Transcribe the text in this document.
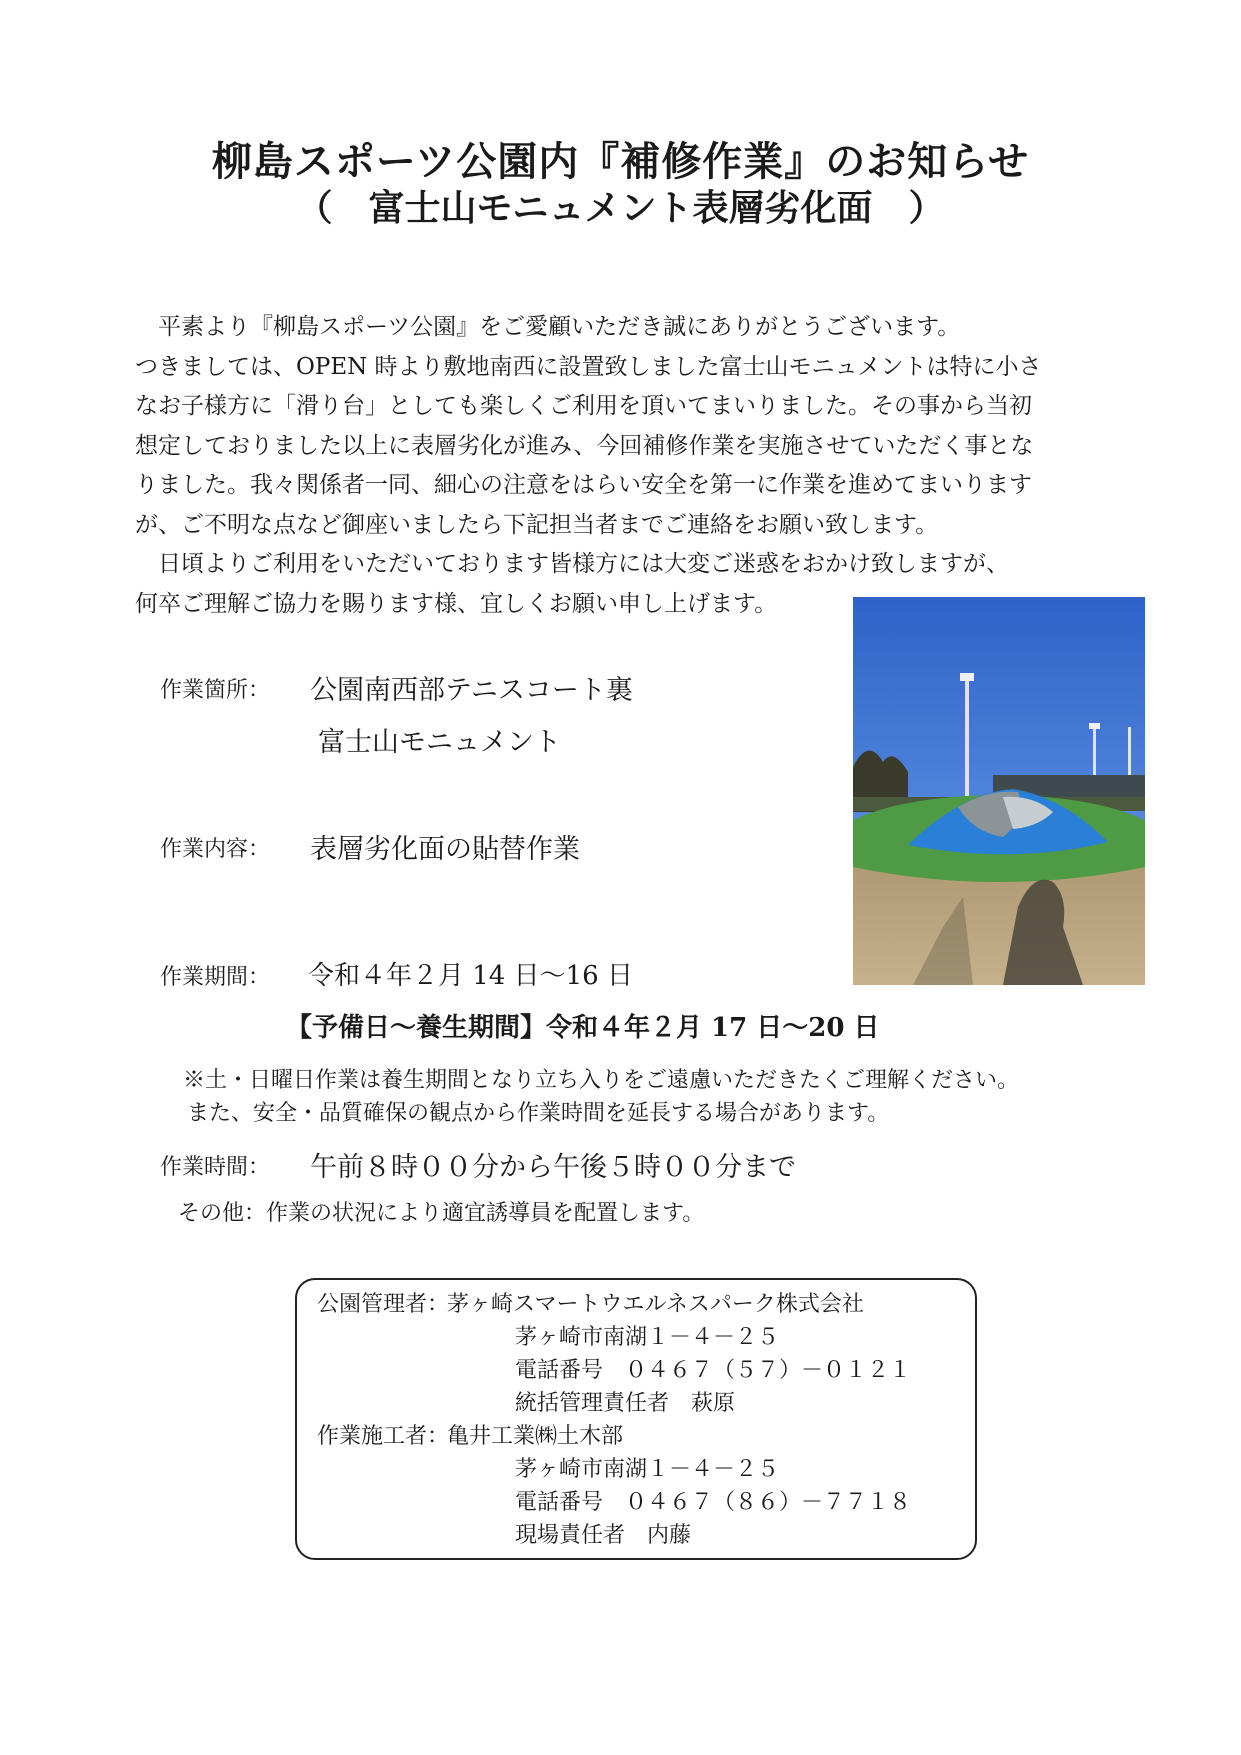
柳島スポーツ公園内『補修作業』のお知らせ
（　富士山モニュメント表層劣化面　）

　平素より『柳島スポーツ公園』をご愛顧いただき誠にありがとうございます。

つきましては、OPEN 時より敷地南西に設置致しました富士山モニュメントは特に小さ

なお子様方に「滑り台」としても楽しくご利用を頂いてまいりました。その事から当初

想定しておりました以上に表層劣化が進み、今回補修作業を実施させていただく事とな

りました。我々関係者一同、細心の注意をはらい安全を第一に作業を進めてまいります

が、ご不明な点など御座いましたら下記担当者までご連絡をお願い致します。

　日頃よりご利用をいただいております皆様方には大変ご迷惑をおかけ致しますが、

何卒ご理解ご協力を賜ります様、宜しくお願い申し上げます。

作業箇所： 公園南西部テニスコート裏
富士山モニュメント
作業内容： 表層劣化面の貼替作業
作業期間： 令和４年２月 14 日～16 日
【予備日～養生期間】令和４年２月 17 日～20 日
※土・日曜日作業は養生期間となり立ち入りをご遠慮いただきたくご理解ください。
また、安全・品質確保の観点から作業時間を延長する場合があります。
作業時間： 午前８時００分から午後５時００分まで
その他：作業の状況により適宜誘導員を配置します。
公園管理者：
茅ヶ崎スマートウエルネスパーク株式会社
茅ヶ崎市南湖１－４－２５
電話番号　０４６７（５７）－０１２１
統括管理責任者　萩原
作業施工者：
亀井工業㈱土木部
茅ヶ崎市南湖１－４－２５
電話番号　０４６７（８６）－７７１８
現場責任者　内藤
